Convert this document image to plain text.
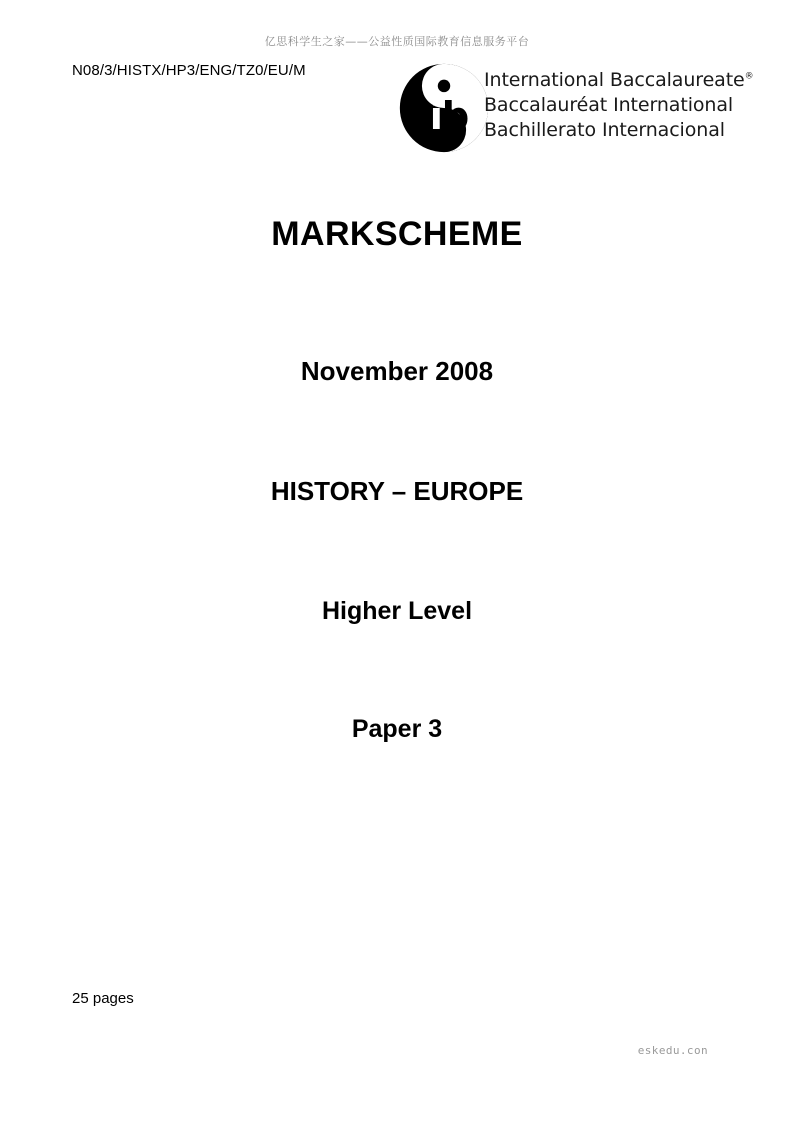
亿思科学生之家——公益性质国际教育信息服务平台
N08/3/HISTX/HP3/ENG/TZ0/EU/M
i
b
International Baccalaureate®
Baccalauréat International
Bachillerato Internacional
MARKSCHEME
November 2008
HISTORY – EUROPE
Higher Level
Paper 3
25 pages
eskedu.con
